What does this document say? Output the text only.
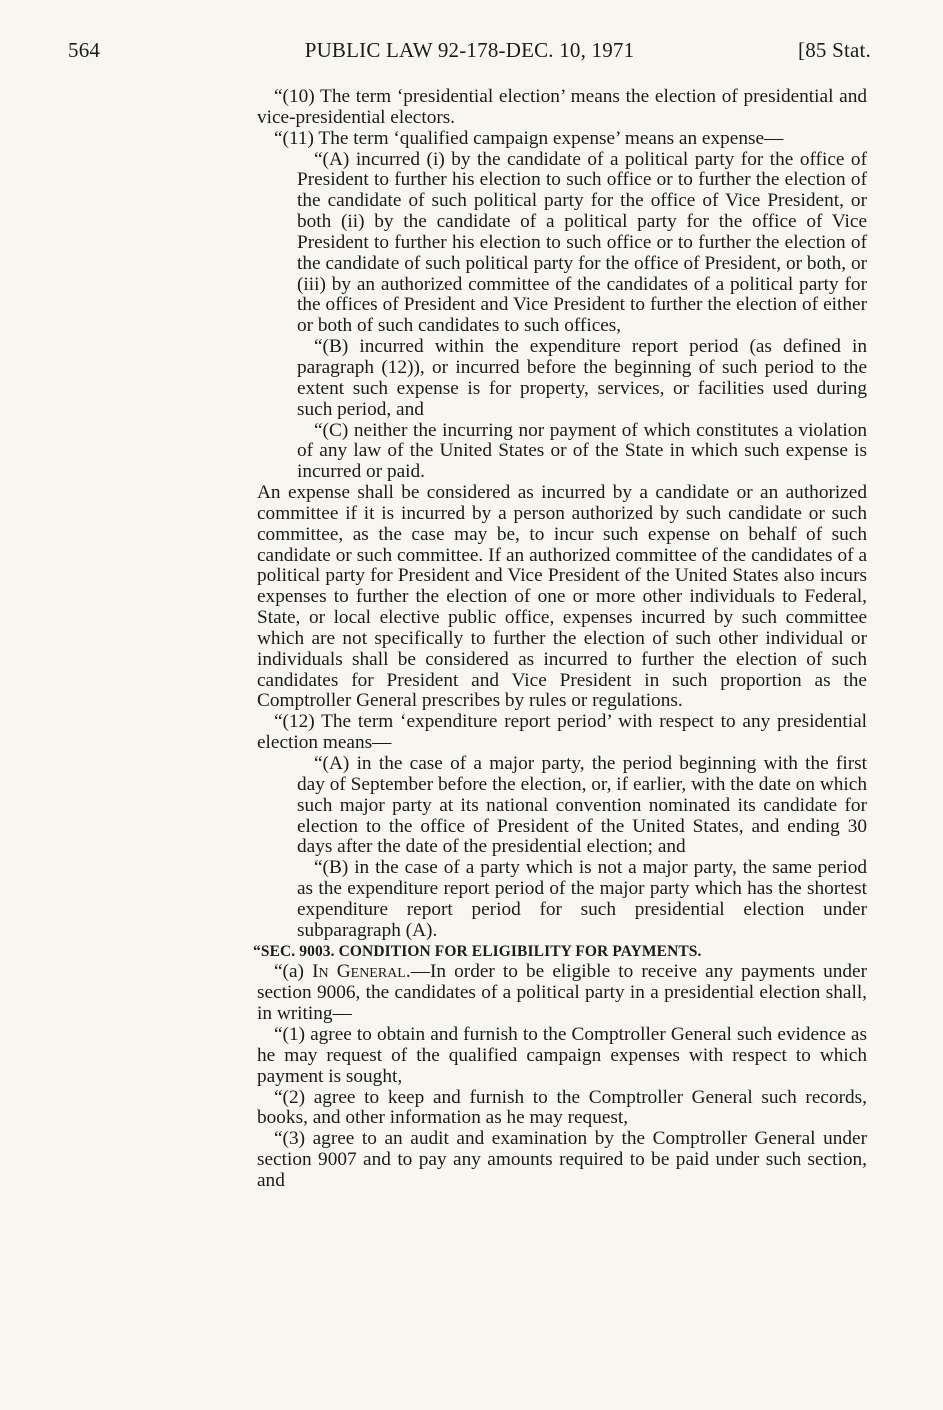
564	PUBLIC LAW 92-178-DEC. 10, 1971	[85 Stat.

“(10) The term ‘presidential election’ means the election of presidential and vice-presidential electors.

“(11) The term ‘qualified campaign expense’ means an expense—

“(A) incurred (i) by the candidate of a political party for the office of President to further his election to such office or to further the election of the candidate of such political party for the office of Vice President, or both (ii) by the candidate of a political party for the office of Vice President to further his election to such office or to further the election of the candidate of such political party for the office of President, or both, or (iii) by an authorized committee of the candidates of a political party for the offices of President and Vice President to further the election of either or both of such candidates to such offices,

“(B) incurred within the expenditure report period (as defined in paragraph (12)), or incurred before the beginning of such period to the extent such expense is for property, services, or facilities used during such period, and

“(C) neither the incurring nor payment of which constitutes a violation of any law of the United States or of the State in which such expense is incurred or paid.

An expense shall be considered as incurred by a candidate or an authorized committee if it is incurred by a person authorized by such candidate or such committee, as the case may be, to incur such expense on behalf of such candidate or such committee. If an authorized committee of the candidates of a political party for President and Vice President of the United States also incurs expenses to further the election of one or more other individuals to Federal, State, or local elective public office, expenses incurred by such committee which are not specifically to further the election of such other individual or individuals shall be considered as incurred to further the election of such candidates for President and Vice President in such proportion as the Comptroller General prescribes by rules or regulations.

“(12) The term ‘expenditure report period’ with respect to any presidential election means—

“(A) in the case of a major party, the period beginning with the first day of September before the election, or, if earlier, with the date on which such major party at its national convention nominated its candidate for election to the office of President of the United States, and ending 30 days after the date of the presidential election; and

“(B) in the case of a party which is not a major party, the same period as the expenditure report period of the major party which has the shortest expenditure report period for such presidential election under subparagraph (A).

“SEC. 9003. CONDITION FOR ELIGIBILITY FOR PAYMENTS.

“(a) In General.—In order to be eligible to receive any payments under section 9006, the candidates of a political party in a presidential election shall, in writing—

“(1) agree to obtain and furnish to the Comptroller General such evidence as he may request of the qualified campaign expenses with respect to which payment is sought,

“(2) agree to keep and furnish to the Comptroller General such records, books, and other information as he may request,

“(3) agree to an audit and examination by the Comptroller General under section 9007 and to pay any amounts required to be paid under such section, and
